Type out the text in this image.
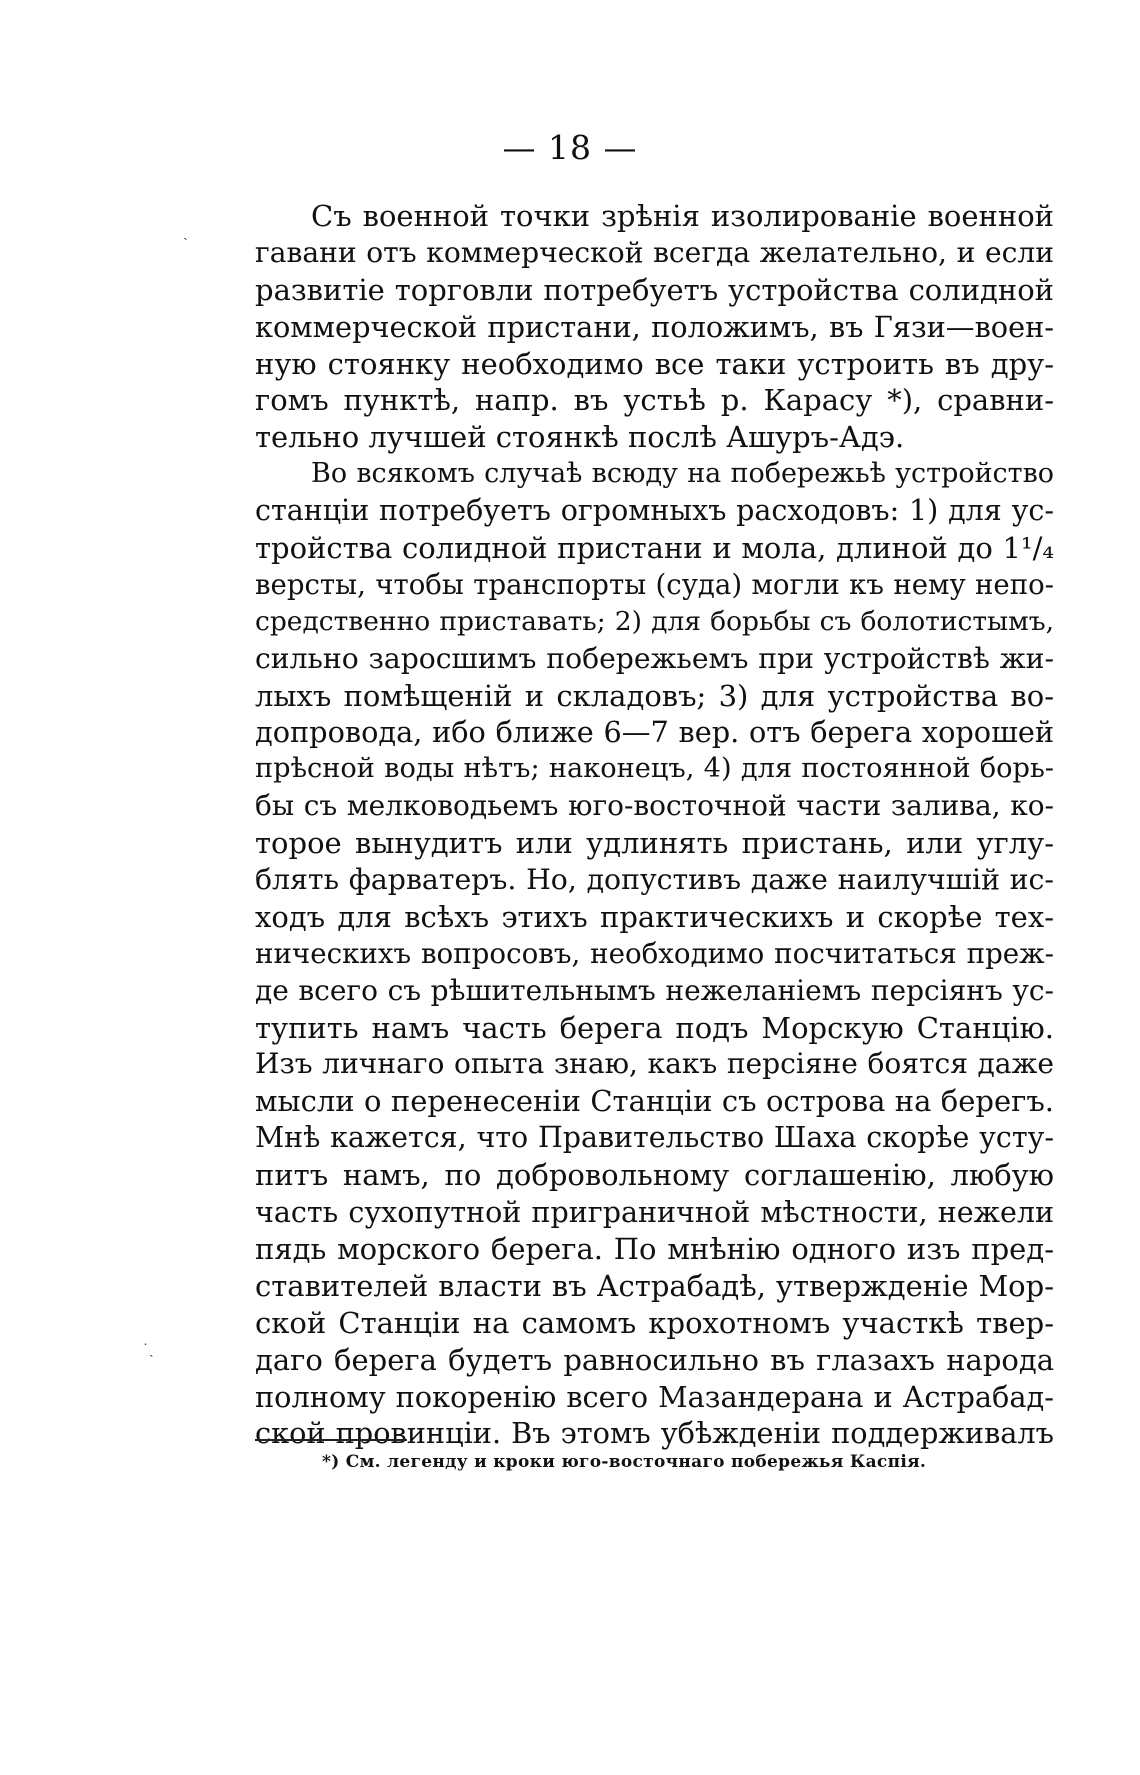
— 18 —
Съ военной точки зрѣнія изолированіе военной
гавани отъ коммерческой всегда желательно, и если
развитіе торговли потребуетъ устройства солидной
коммерческой пристани, положимъ, въ Гязи—воен-
ную стоянку необходимо все таки устроить въ дру-
гомъ пунктѣ, напр. въ устьѣ р. Карасу *), сравни-
тельно лучшей стоянкѣ послѣ Ашуръ-Адэ.
Во всякомъ случаѣ всюду на побережьѣ устройство
станціи потребуетъ огромныхъ расходовъ: 1) для ус-
тройства солидной пристани и мола, длиной до 1¹/₄
версты, чтобы транспорты (суда) могли къ нему непо-
средственно приставать; 2) для борьбы съ болотистымъ,
сильно заросшимъ побережьемъ при устройствѣ жи-
лыхъ помѣщеній и складовъ; 3) для устройства во-
допровода, ибо ближе 6—7 вер. отъ берега хорошей
прѣсной воды нѣтъ; наконецъ, 4) для постоянной борь-
бы съ мелководьемъ юго-восточной части залива, ко-
торое вынудитъ или удлинять пристань, или углу-
блять фарватеръ. Но, допустивъ даже наилучшій ис-
ходъ для всѣхъ этихъ практическихъ и скорѣе тех-
ническихъ вопросовъ, необходимо посчитаться преж-
де всего съ рѣшительнымъ нежеланіемъ персіянъ ус-
тупить намъ часть берега подъ Морскую Станцію.
Изъ личнаго опыта знаю, какъ персіяне боятся даже
мысли о перенесеніи Станціи съ острова на берегъ.
Мнѣ кажется, что Правительство Шаха скорѣе усту-
питъ намъ, по добровольному соглашенію, любую
часть сухопутной пригpаничной мѣстности, нежели
пядь морского берега. По мнѣнію одного изъ пред-
ставителей власти въ Астрабадѣ, утвержденіе Мор-
ской Станціи на самомъ крохотномъ участкѣ твер-
даго берега будетъ равносильно въ глазахъ народа
полному покоренію всего Мазандерана и Астрабад-
ской провинціи. Въ этомъ убѣжденіи поддерживалъ
*) См. легенду и кроки юго-восточнаго побережья Каспія.
ˎ
˙ˏ
